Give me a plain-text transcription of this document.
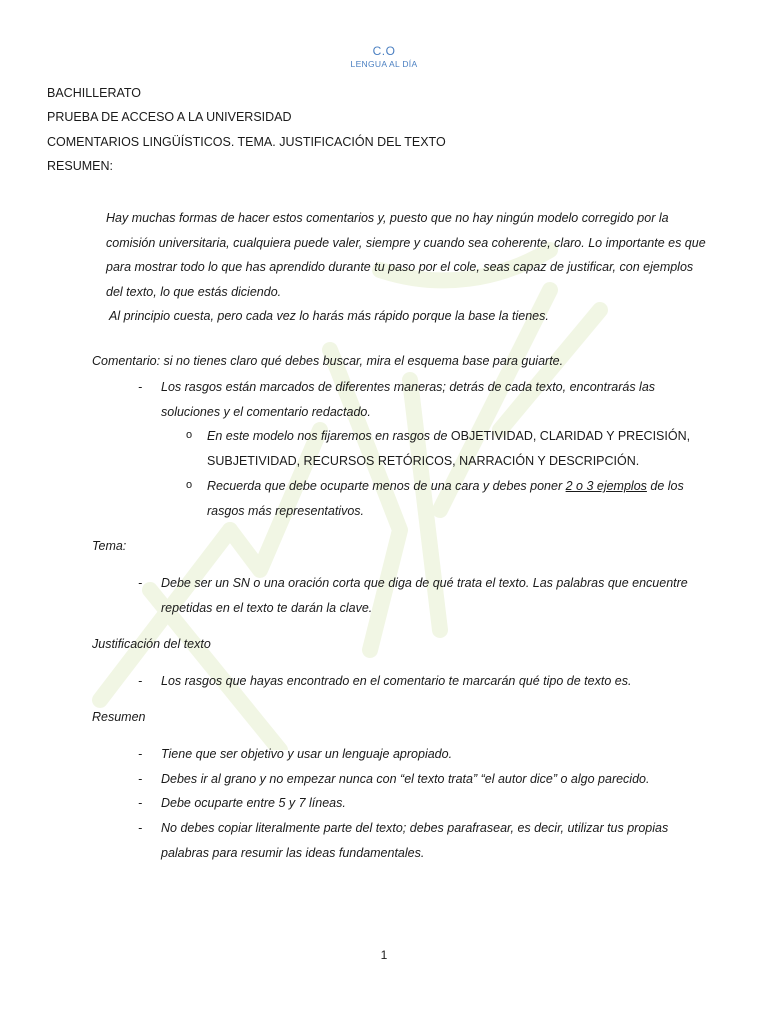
C.O
LENGUA AL DÍA
BACHILLERATO
PRUEBA DE ACCESO A LA UNIVERSIDAD
COMENTARIOS LINGÜÍSTICOS. TEMA. JUSTIFICACIÓN DEL TEXTO
RESUMEN:

Hay muchas formas de hacer estos comentarios y, puesto que no hay ningún modelo corregido por la comisión universitaria, cualquiera puede valer, siempre y cuando sea coherente, claro. Lo importante es que para mostrar todo lo que has aprendido durante tu paso por el cole, seas capaz de justificar, con ejemplos del texto, lo que estás diciendo.

Al principio cuesta, pero cada vez lo harás más rápido porque la base la tienes.

Comentario: si no tienes claro qué debes buscar, mira el esquema base para guiarte.
- Los rasgos están marcados de diferentes maneras; detrás de cada texto, encontrarás las soluciones y el comentario redactado.
o En este modelo nos fijaremos en rasgos de OBJETIVIDAD, CLARIDAD Y PRECISIÓN, SUBJETIVIDAD, RECURSOS RETÓRICOS, NARRACIÓN Y DESCRIPCIÓN.
o Recuerda que debe ocuparte menos de una cara y debes poner 2 o 3 ejemplos de los rasgos más representativos.
Tema:
- Debe ser un SN o una oración corta que diga de qué trata el texto. Las palabras que encuentre repetidas en el texto te darán la clave.
Justificación del texto
- Los rasgos que hayas encontrado en el comentario te marcarán qué tipo de texto es.
Resumen
- Tiene que ser objetivo y usar un lenguaje apropiado.
- Debes ir al grano y no empezar nunca con “el texto trata” “el autor dice” o algo parecido.
- Debe ocuparte entre 5 y 7 líneas.
- No debes copiar literalmente parte del texto; debes parafrasear, es decir, utilizar tus propias palabras para resumir las ideas fundamentales.
1
